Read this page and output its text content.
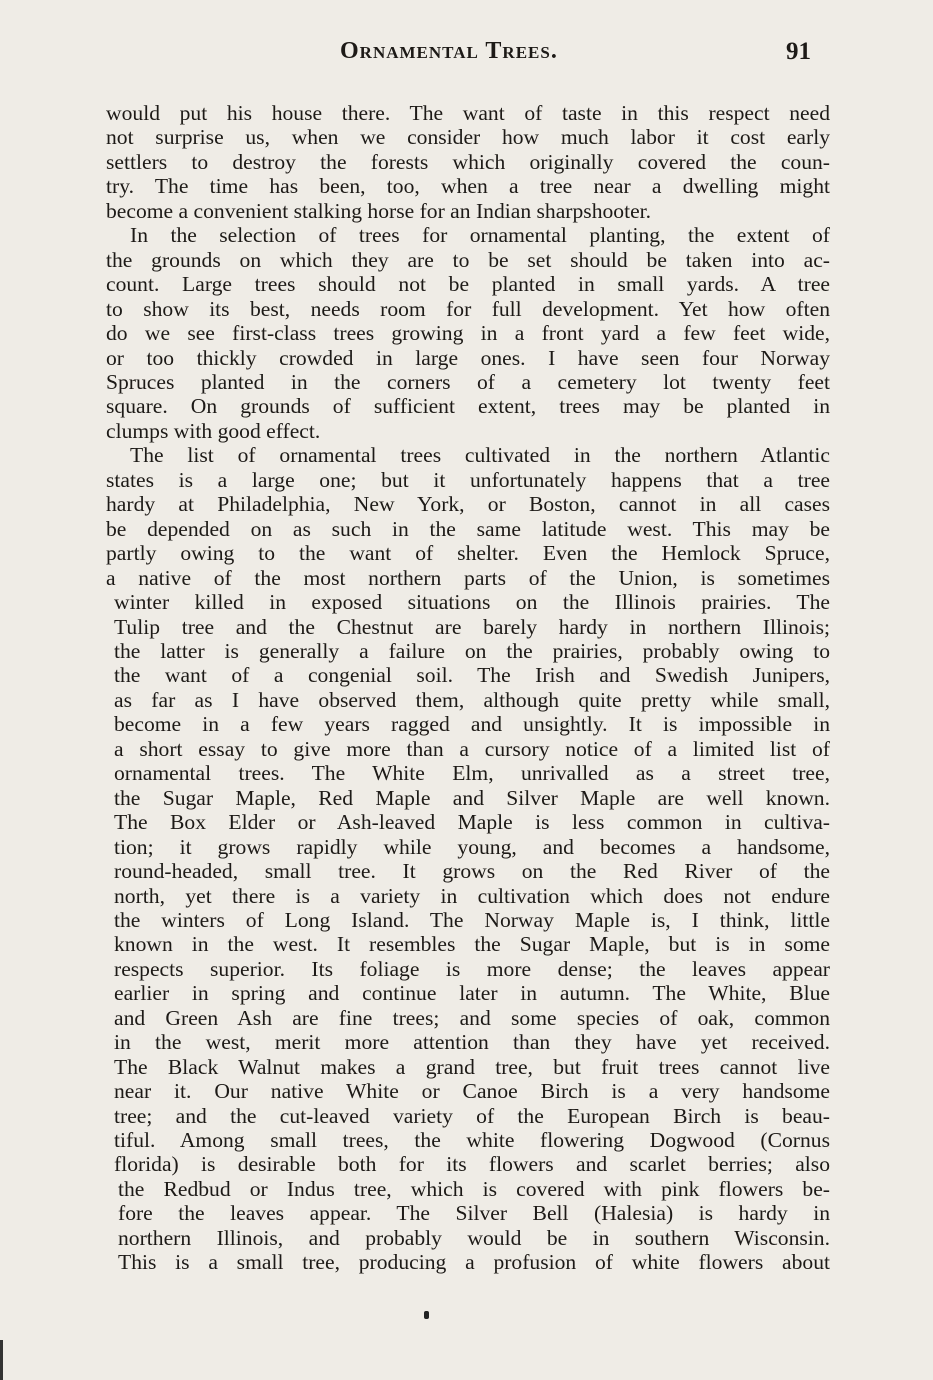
Ornamental Trees.	91

would put his house there. The want of taste in this respect need
not surprise us, when we consider how much labor it cost early
settlers to destroy the forests which originally covered the coun-
try. The time has been, too, when a tree near a dwelling might
become a convenient stalking horse for an Indian sharpshooter.

In the selection of trees for ornamental planting, the extent of
the grounds on which they are to be set should be taken into ac-
count. Large trees should not be planted in small yards. A tree
to show its best, needs room for full development. Yet how often
do we see first-class trees growing in a front yard a few feet wide,
or too thickly crowded in large ones. I have seen four Norway
Spruces planted in the corners of a cemetery lot twenty feet
square. On grounds of sufficient extent, trees may be planted in
clumps with good effect.

The list of ornamental trees cultivated in the northern Atlantic
states is a large one; but it unfortunately happens that a tree
hardy at Philadelphia, New York, or Boston, cannot in all cases
be depended on as such in the same latitude west. This may be
partly owing to the want of shelter. Even the Hemlock Spruce,
a native of the most northern parts of the Union, is sometimes
winter killed in exposed situations on the Illinois prairies. The
Tulip tree and the Chestnut are barely hardy in northern Illinois;
the latter is generally a failure on the prairies, probably owing to
the want of a congenial soil. The Irish and Swedish Junipers,
as far as I have observed them, although quite pretty while small,
become in a few years ragged and unsightly. It is impossible in
a short essay to give more than a cursory notice of a limited list of
ornamental trees. The White Elm, unrivalled as a street tree,
the Sugar Maple, Red Maple and Silver Maple are well known.
The Box Elder or Ash-leaved Maple is less common in cultiva-
tion; it grows rapidly while young, and becomes a handsome,
round-headed, small tree. It grows on the Red River of the
north, yet there is a variety in cultivation which does not endure
the winters of Long Island. The Norway Maple is, I think, little
known in the west. It resembles the Sugar Maple, but is in some
respects superior. Its foliage is more dense; the leaves appear
earlier in spring and continue later in autumn. The White, Blue
and Green Ash are fine trees; and some species of oak, common
in the west, merit more attention than they have yet received.
The Black Walnut makes a grand tree, but fruit trees cannot live
near it. Our native White or Canoe Birch is a very handsome
tree; and the cut-leaved variety of the European Birch is beau-
tiful. Among small trees, the white flowering Dogwood (Cornus
florida) is desirable both for its flowers and scarlet berries; also
the Redbud or Indus tree, which is covered with pink flowers be-
fore the leaves appear. The Silver Bell (Halesia) is hardy in
northern Illinois, and probably would be in southern Wisconsin.
This is a small tree, producing a profusion of white flowers about
